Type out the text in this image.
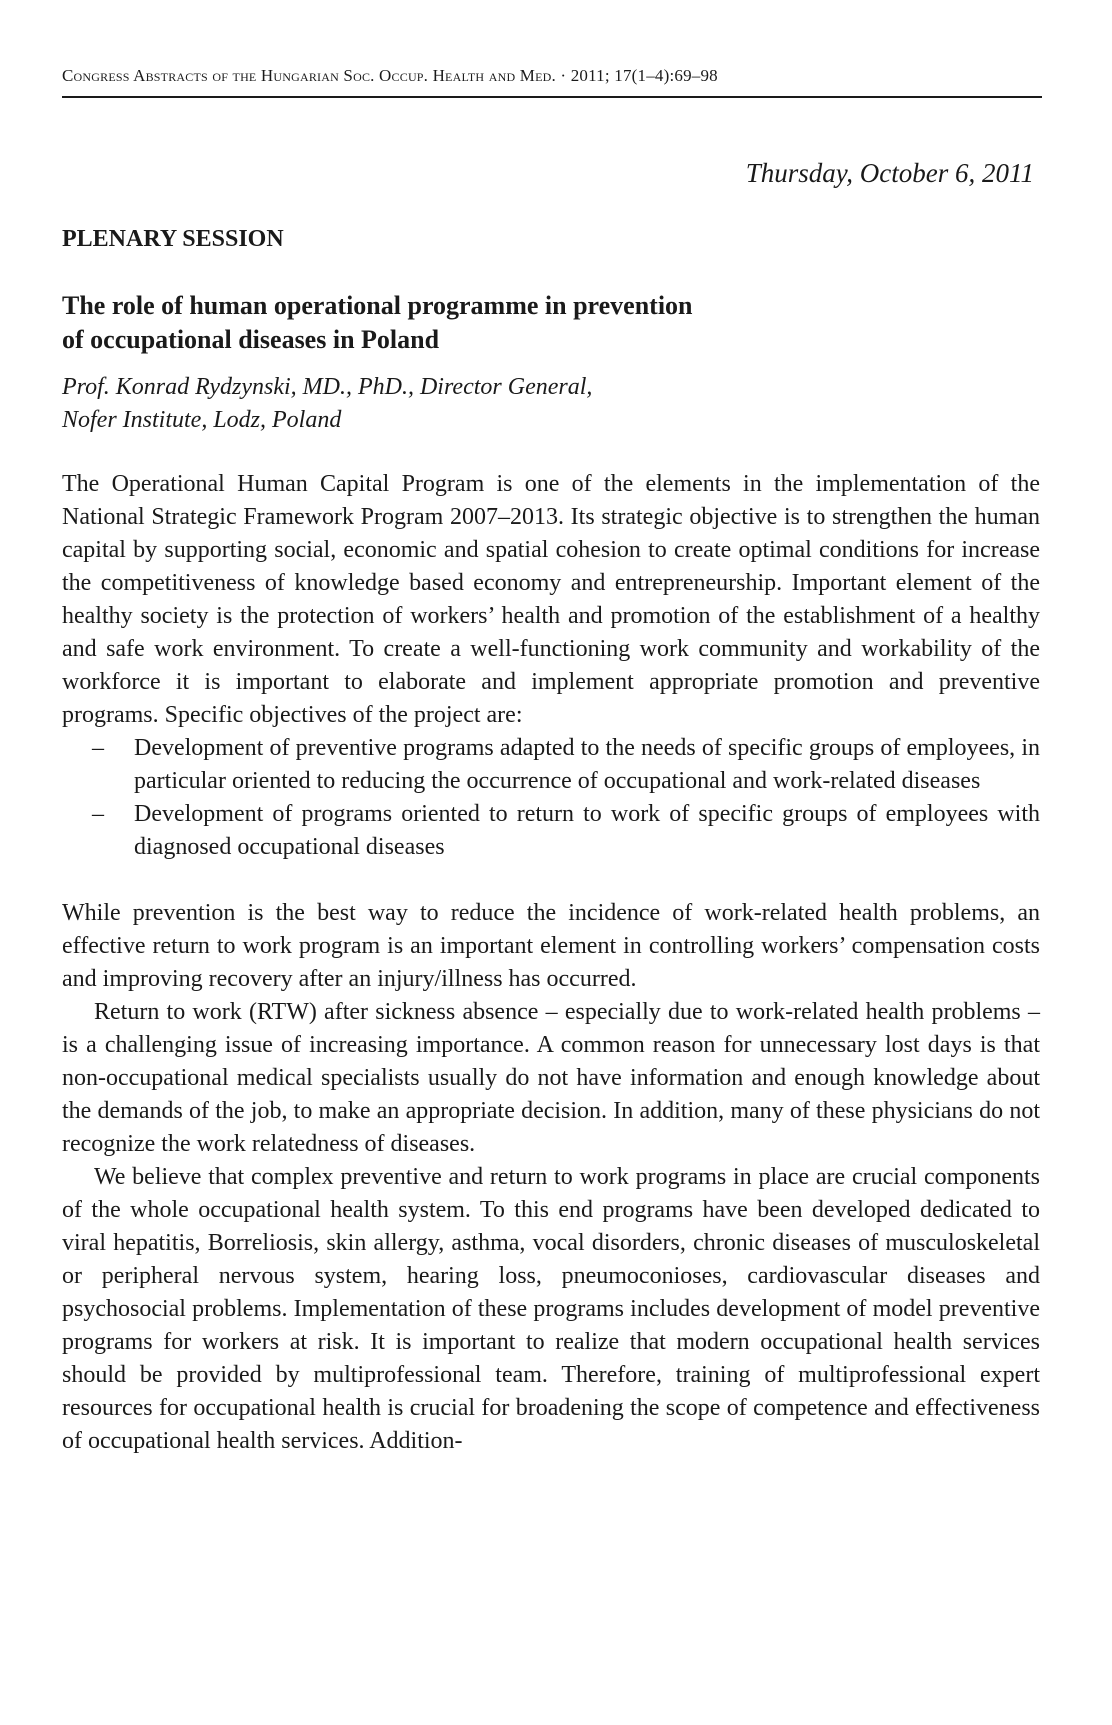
Congress Abstracts of the Hungarian Soc. Occup. Health and Med. · 2011; 17(1–4):69–98
Thursday, October 6, 2011
PLENARY SESSION
The role of human operational programme in prevention
of occupational diseases in Poland
Prof. Konrad Rydzynski, MD., PhD., Director General,
Nofer Institute, Lodz, Poland

The Operational Human Capital Program is one of the elements in the implementation of the National Strategic Framework Program 2007–2013. Its strategic objective is to strengthen the human capital by supporting social, economic and spatial cohesion to create optimal conditions for increase the competitiveness of knowledge based economy and entrepreneurship. Important element of the healthy society is the protection of workers’ health and promotion of the establishment of a healthy and safe work environment. To create a well-functioning work community and workability of the workforce it is important to elaborate and implement appropriate promotion and preventive programs. Specific objectives of the project are:

– Development of preventive programs adapted to the needs of specific groups of employees, in particular oriented to reducing the occurrence of occupational and work-related diseases
– Development of programs oriented to return to work of specific groups of employees with diagnosed occupational diseases

While prevention is the best way to reduce the incidence of work-related health problems, an effective return to work program is an important element in controlling workers’ compensation costs and improving recovery after an injury/illness has occurred.

Return to work (RTW) after sickness absence – especially due to work-related health problems – is a challenging issue of increasing importance. A common reason for unnecessary lost days is that non-occupational medical specialists usually do not have information and enough knowledge about the demands of the job, to make an appropriate decision. In addition, many of these physicians do not recognize the work relatedness of diseases.

We believe that complex preventive and return to work programs in place are crucial components of the whole occupational health system. To this end programs have been developed dedicated to viral hepatitis, Borreliosis, skin allergy, asthma, vocal disorders, chronic diseases of musculoskeletal or peripheral nervous system, hearing loss, pneumoconioses, cardiovascular diseases and psychosocial problems. Implementation of these programs includes development of model preventive programs for workers at risk. It is important to realize that modern occupational health services should be provided by multiprofessional team. Therefore, training of multiprofessional expert resources for occupational health is crucial for broadening the scope of competence and effectiveness of occupational health services. Addition-
